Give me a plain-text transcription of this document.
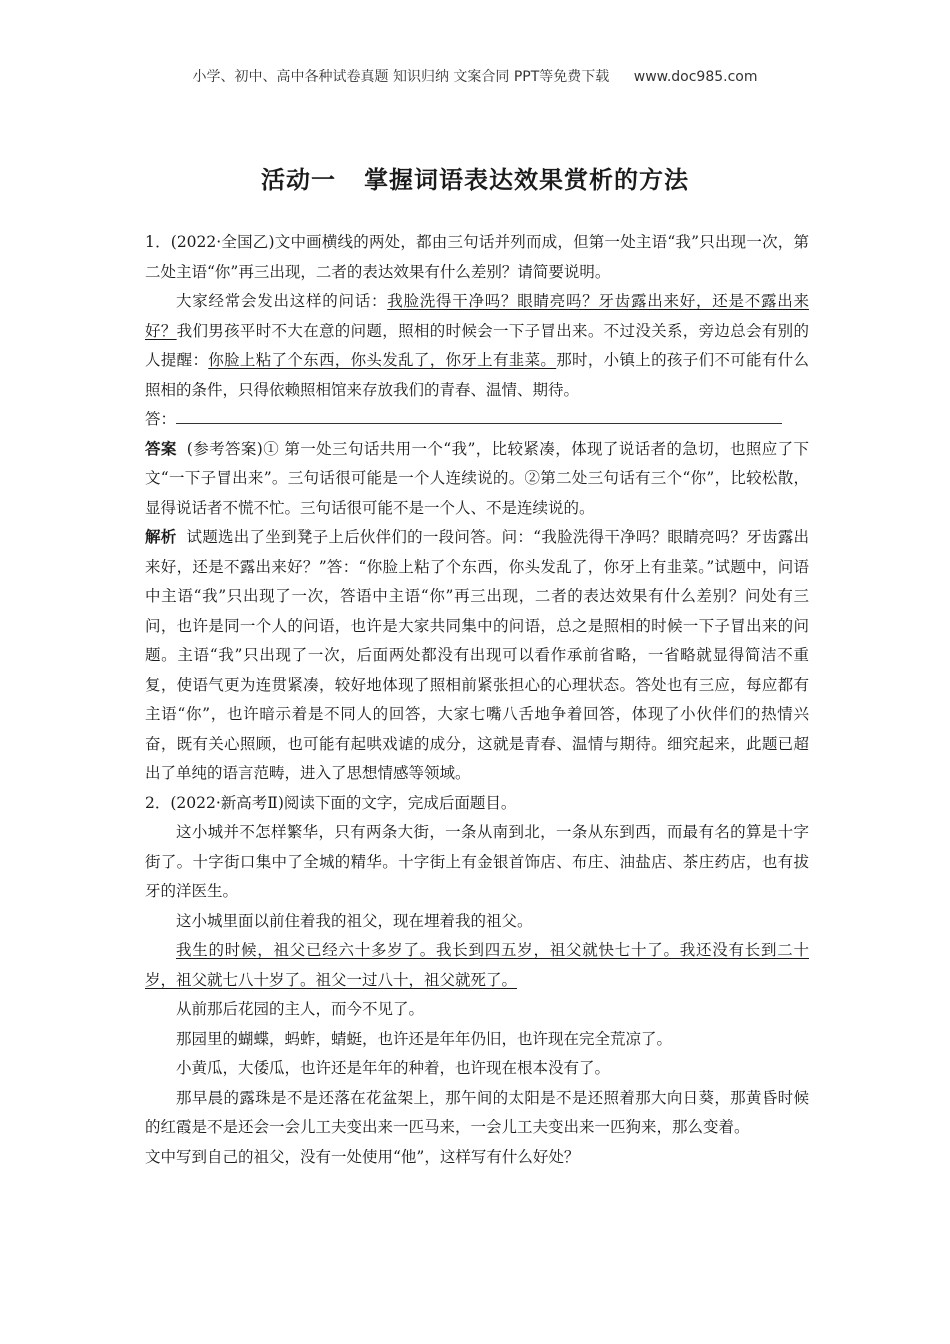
小学、初中、高中各种试卷真题 知识归纳 文案合同 PPT等免费下载 www.doc985.com
活动一 掌握词语表达效果赏析的方法

1．(2022·全国乙)文中画横线的两处，都由三句话并列而成，但第一处主语“我”只出现一次，第二处主语“你”再三出现，二者的表达效果有什么差别？请简要说明。

大家经常会发出这样的问话：我脸洗得干净吗？眼睛亮吗？牙齿露出来好，还是不露出来好？我们男孩平时不大在意的问题，照相的时候会一下子冒出来。不过没关系，旁边总会有别的人提醒：你脸上粘了个东西，你头发乱了，你牙上有韭菜。那时，小镇上的孩子们不可能有什么照相的条件，只得依赖照相馆来存放我们的青春、温情、期待。

答：

答案 (参考答案)① 第一处三句话共用一个“我”，比较紧凑，体现了说话者的急切，也照应了下文“一下子冒出来”。三句话很可能是一个人连续说的。②第二处三句话有三个“你”，比较松散，显得说话者不慌不忙。三句话很可能不是一个人、不是连续说的。

解析 试题选出了坐到凳子上后伙伴们的一段问答。问：“我脸洗得干净吗？眼睛亮吗？牙齿露出来好，还是不露出来好？”答：“你脸上粘了个东西，你头发乱了，你牙上有韭菜。”试题中，问语中主语“我”只出现了一次，答语中主语“你”再三出现，二者的表达效果有什么差别？问处有三问，也许是同一个人的问语，也许是大家共同集中的问语，总之是照相的时候一下子冒出来的问题。主语“我”只出现了一次，后面两处都没有出现可以看作承前省略，一省略就显得简洁不重复，使语气更为连贯紧凑，较好地体现了照相前紧张担心的心理状态。答处也有三应，每应都有主语“你”，也许暗示着是不同人的回答，大家七嘴八舌地争着回答，体现了小伙伴们的热情兴奋，既有关心照顾，也可能有起哄戏谑的成分，这就是青春、温情与期待。细究起来，此题已超出了单纯的语言范畴，进入了思想情感等领域。

2．(2022·新高考Ⅱ)阅读下面的文字，完成后面题目。

这小城并不怎样繁华，只有两条大街，一条从南到北，一条从东到西，而最有名的算是十字街了。十字街口集中了全城的精华。十字街上有金银首饰店、布庄、油盐店、茶庄药店，也有拔牙的洋医生。

这小城里面以前住着我的祖父，现在埋着我的祖父。

我生的时候，祖父已经六十多岁了。我长到四五岁，祖父就快七十了。我还没有长到二十岁，祖父就七八十岁了。祖父一过八十，祖父就死了。

从前那后花园的主人，而今不见了。

那园里的蝴蝶，蚂蚱，蜻蜓，也许还是年年仍旧，也许现在完全荒凉了。

小黄瓜，大倭瓜，也许还是年年的种着，也许现在根本没有了。

那早晨的露珠是不是还落在花盆架上，那午间的太阳是不是还照着那大向日葵，那黄昏时候的红霞是不是还会一会儿工夫变出来一匹马来，一会儿工夫变出来一匹狗来，那么变着。

文中写到自己的祖父，没有一处使用“他”，这样写有什么好处？
